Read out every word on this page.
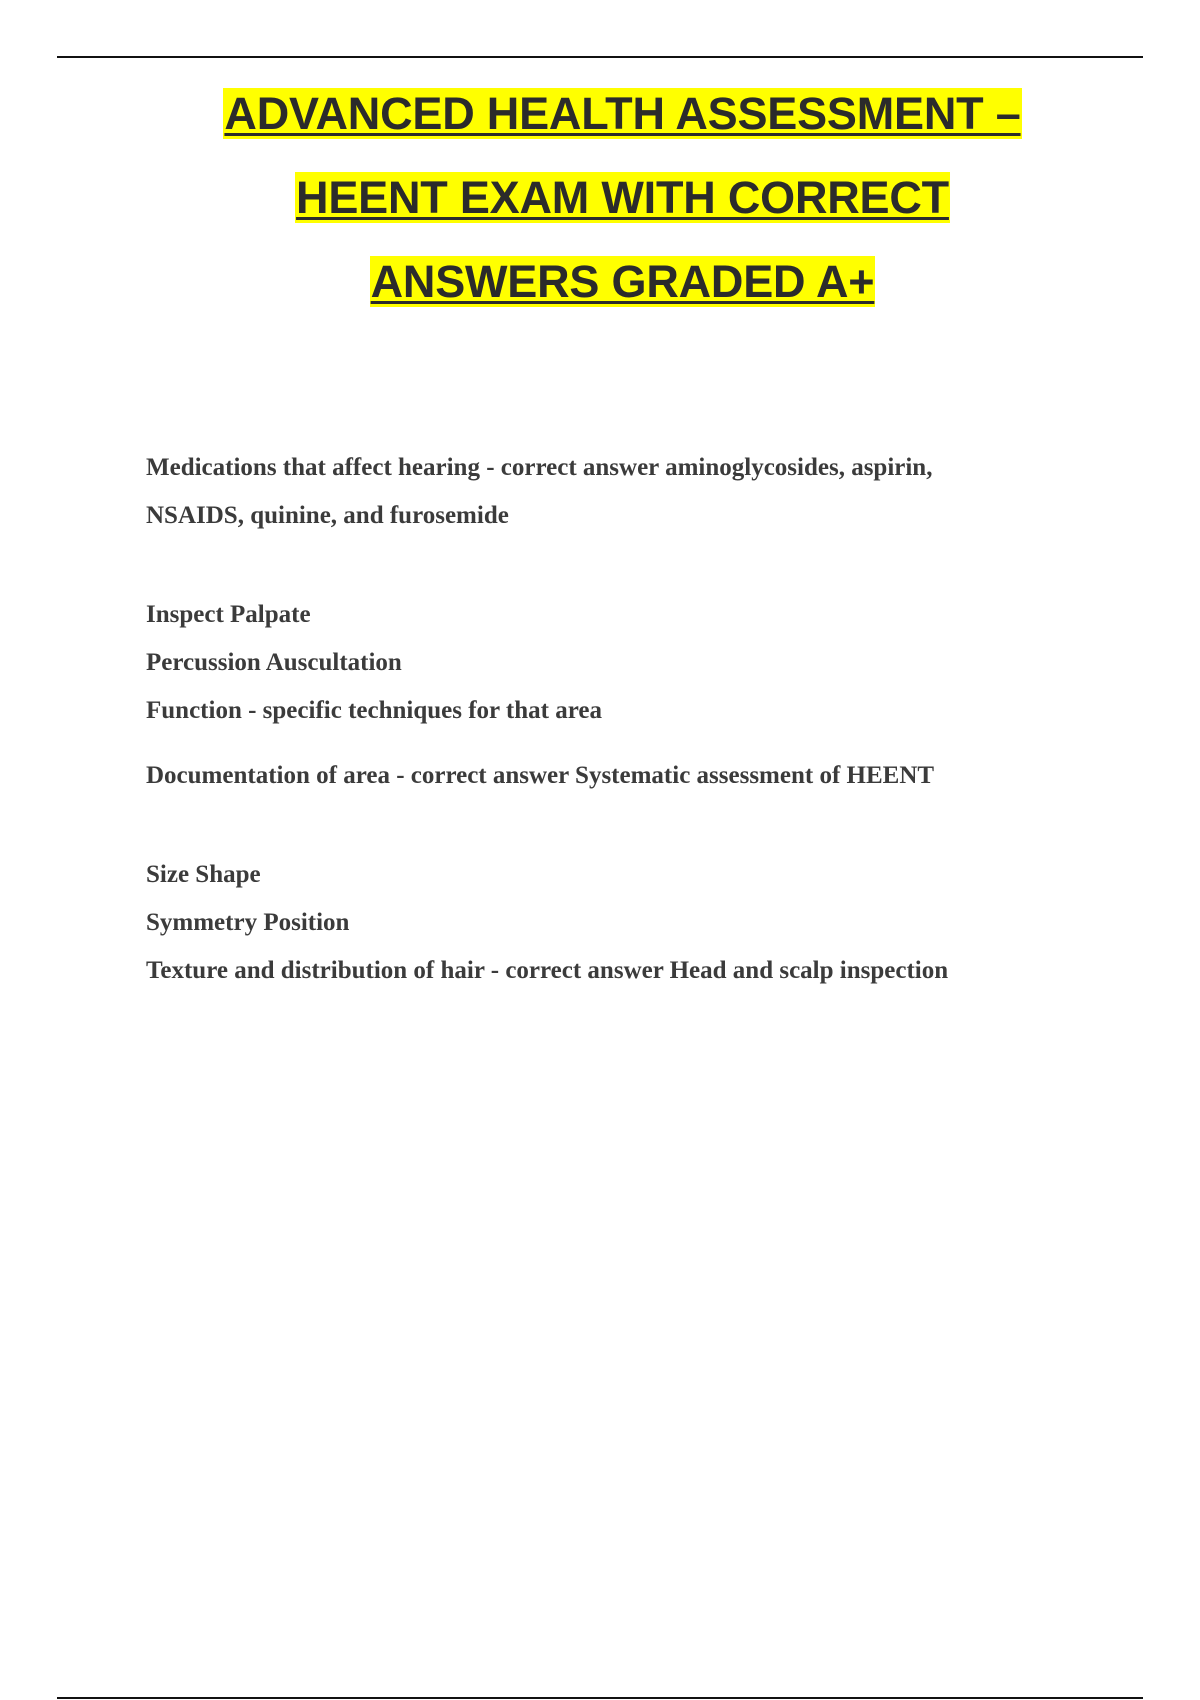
ADVANCED HEALTH ASSESSMENT –
HEENT EXAM WITH CORRECT
ANSWERS GRADED A+
Medications that affect hearing - correct answer aminoglycosides, aspirin,
NSAIDS, quinine, and furosemide
Inspect Palpate
Percussion Auscultation
Function - specific techniques for that area
Documentation of area - correct answer Systematic assessment of HEENT
Size Shape
Symmetry Position
Texture and distribution of hair - correct answer Head and scalp inspection
